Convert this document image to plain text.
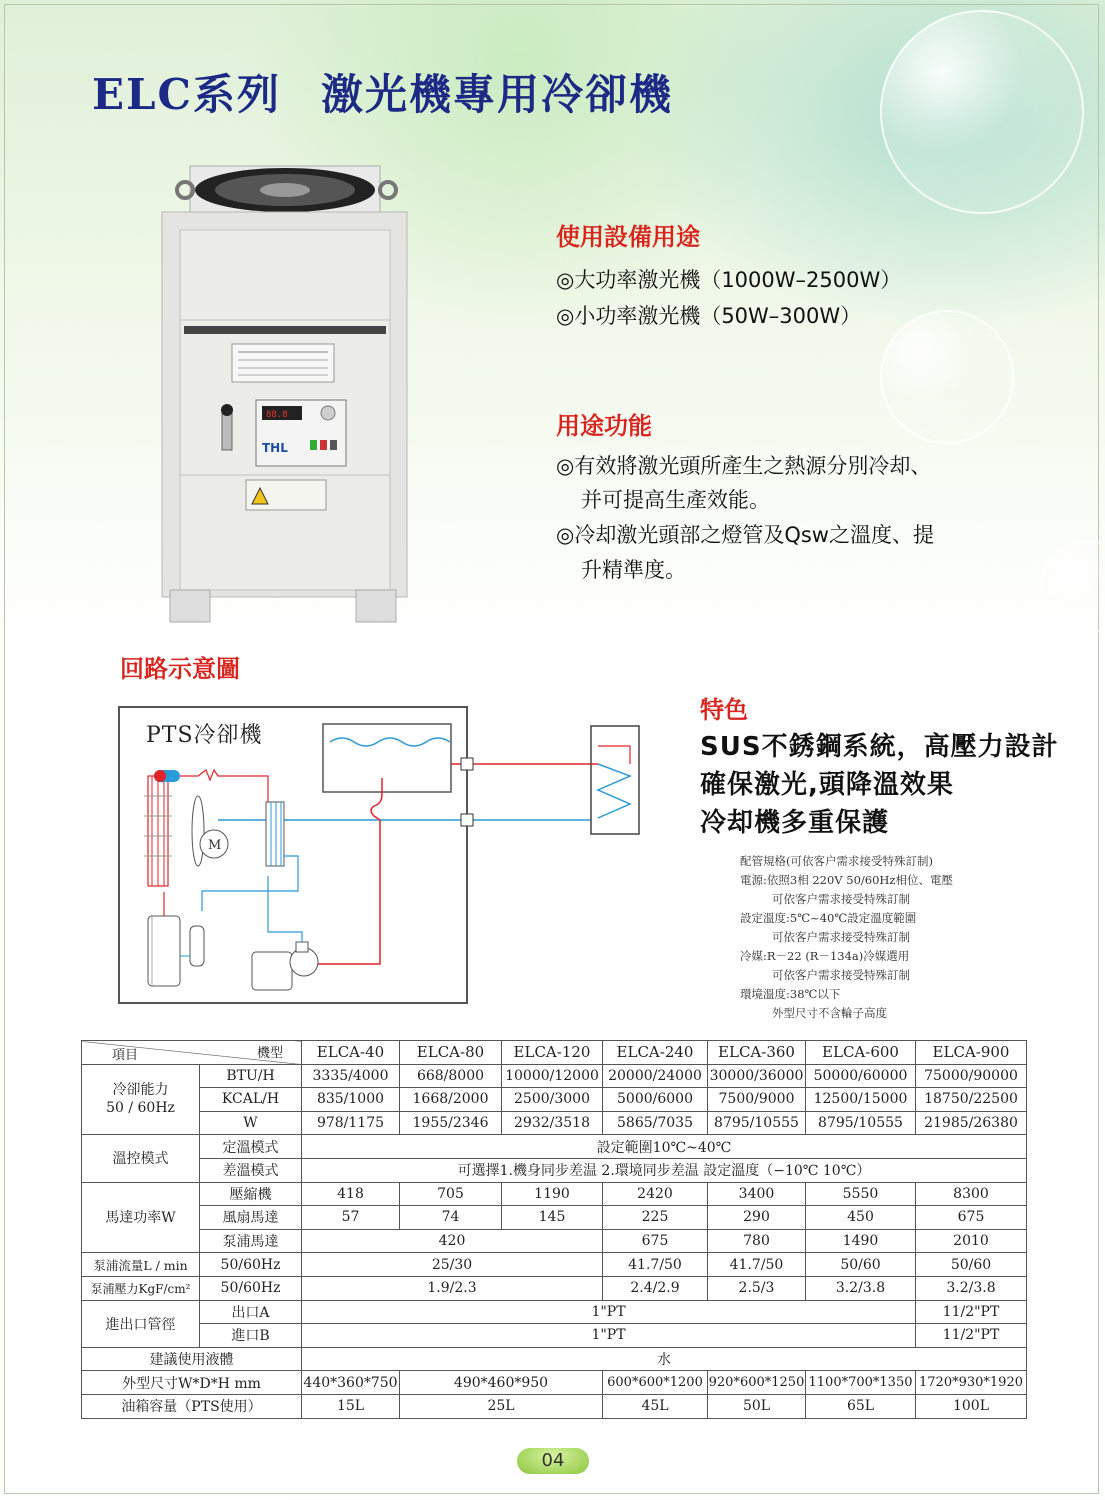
ELC系列 激光機專用冷卻機
88.8
THL
使用設備用途
◎大功率激光機（1000W–2500W）
◎小功率激光機（50W–300W）
用途功能
◎有效將激光頭所產生之熱源分別冷却、
并可提高生產效能。
◎冷却激光頭部之燈管及Qsw之溫度、提
升精準度。
回路示意圖
PTS冷卻機
M
特色
SUS不銹鋼系統，高壓力設計
確保激光,頭降溫效果
冷却機多重保護
配管規格(可依客户需求接受特殊訂制)
電源:依照3相 220V 50/60Hz相位、電壓
可依客户需求接受特殊訂制
設定溫度:5℃~40℃設定溫度範圍
可依客户需求接受特殊訂制
冷媒:R－22 (R－134a)冷媒選用
可依客户需求接受特殊訂制
環境溫度:38℃以下
外型尺寸不含輪子高度
項目 機型		ELCA-40	ELCA-80	ELCA-120	ELCA-240	ELCA-360	ELCA-600	ELCA-900
冷卻能力
50 / 60Hz	BTU/H	3335/4000	668/8000	10000/12000	20000/24000	30000/36000	50000/60000	75000/90000
	KCAL/H	835/1000	1668/2000	2500/3000	5000/6000	7500/9000	12500/15000	18750/22500
	W	978/1175	1955/2346	2932/3518	5865/7035	8795/10555	8795/10555	21985/26380
溫控模式	定溫模式	設定範圍10℃~40℃						
	差溫模式	可選擇1.機身同步差温 2.環境同步差温 設定溫度（−10℃ 10℃）						
馬達功率W	壓縮機	418	705	1190	2420	3400	5550	8300
	風扇馬達	57	74	145	225	290	450	675
	泵浦馬達	420			675	780	1490	2010
泵浦流量L / min	50/60Hz	25/30			41.7/50	41.7/50	50/60	50/60
泵浦壓力KgF/cm²	50/60Hz	1.9/2.3			2.4/2.9	2.5/3	3.2/3.8	3.2/3.8
進出口管徑	出口A	1"PT						11/2"PT
	進口B	1"PT						11/2"PT
建議使用液體		水						
外型尺寸W*D*H mm		440*360*750	490*460*950		600*600*1200	920*600*1250	1100*700*1350	1720*930*1920
油箱容量（PTS使用）		15L	25L		45L	50L	65L	100L
04
